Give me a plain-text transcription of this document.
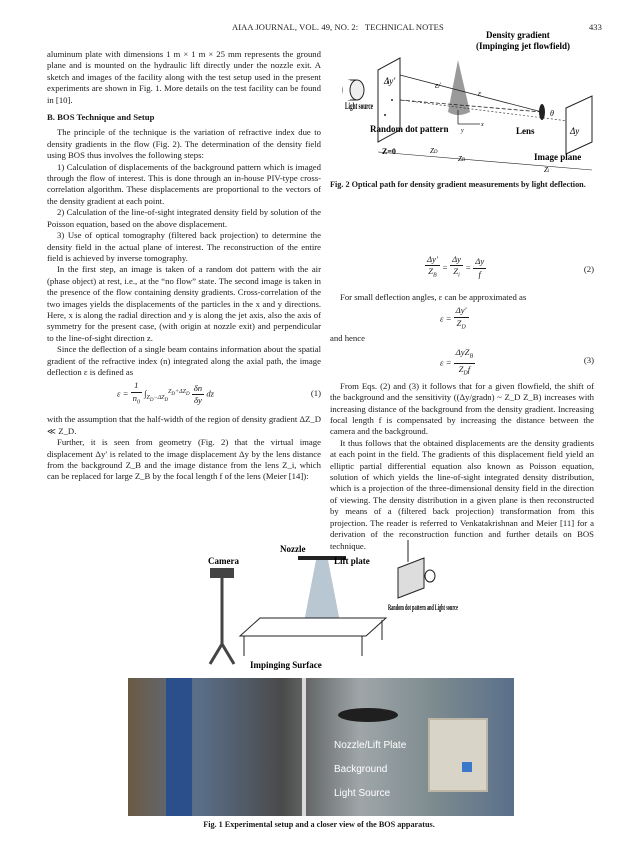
AIAA JOURNAL, VOL. 49, NO. 2: TECHNICAL NOTES	433

aluminum plate with dimensions 1 m × 1 m × 25 mm represents the ground plane and is mounted on the hydraulic lift directly under the nozzle exit. A sketch and images of the facility along with the test setup used in the present experiments are shown in Fig. 1. More details on the test facility can be found in [10].

B. BOS Technique and Setup

The principle of the technique is the variation of refractive index due to density gradients in the flow (Fig. 2). The determination of the density field using BOS thus involves the following steps:

1) Calculation of displacements of the background pattern which is imaged through the flow of interest. This is done through an in-house PIV-type cross-correlation algorithm. These displacements are proportional to the vectors of the density gradient at each point.

2) Calculation of the line-of-sight integrated density field by solution of the Poisson equation, based on the above displacement.

3) Use of optical tomography (filtered back projection) to determine the density field in the actual plane of interest. The reconstruction of the entire field is achieved by inverse tomography.

In the first step, an image is taken of a random dot pattern with the air (phase object) at rest, i.e., at the “no flow” state. The second image is taken in the presence of the flow containing density gradients. Cross-correlation of the two images yields the displacements of the particles in the x and y directions. Here, x is along the radial direction and y is along the jet axis, also the axis of symmetry for the present case, (with origin at nozzle exit) and perpendicular to the line-of-sight direction z.

Since the deflection of a single beam contains information about the spatial gradient of the refractive index (n) integrated along the axial path, the image deflection ε is defined as

$\varepsilon = \frac{1}{n_0} \int_{Z_D-\Delta Z_D}^{Z_D+\Delta Z_D} \frac{\delta n}{\delta y}$ dz	(1)

with the assumption that the half-width of the region of density gradient ΔZ_D ≪ Z_D.

Further, it is seen from geometry (Fig. 2) that the virtual image displacement Δy′ is related to the image displacement Δy by the lens distance from the background Z_B and the image distance from the lens Z_i, which can be replaced for large Z_B by the focal length f of the lens (Meier [14]):

Δy′	ε/
ε
θ
x
y	Δy
ZD
ZB
Zi
Density gradient
(Impinging jet flowfield)
Light source
Random dot pattern	Lens
Image plane
Z=0
Fig. 2 Optical path for density gradient measurements by light deflection.
$\frac{\Delta y'}{Z_B} = \frac{\Delta y}{Z_i} = \frac{\Delta y}{f}$	(2)

For small deflection angles, ε can be approximated as

$\varepsilon = \frac{\Delta y'}{Z_D}$

and hence

$\varepsilon = \frac{\Delta yZ_B}{Z_Df}$	(3)

From Eqs. (2) and (3) it follows that for a given flowfield, the shift of the background and the sensitivity ((Δy/gradn) ~ Z_D Z_B) increases with increasing distance of the background from the density gradient. Increasing focal length f is compensated by increasing the distance between the camera and the background.

It thus follows that the obtained displacements are the density gradients at each point in the field. The gradients of this displacement field yield an elliptic partial differential equation also known as Poisson equation, solution of which yields the line-of-sight integrated density distribution, which is a projection of the three-dimensional density field in the direction of viewing. The density distribution in a given plane is then reconstructed by means of a (filtered back projection) transformation from this projection. The reader is referred to Venkatakrishnan and Meier [11] for a derivation of the reconstruction function and further details on BOS technique.

Camera
Nozzle
Lift plate
Random dot pattern and Light source
Impinging Surface
Nozzle/Lift Plate
Background
Light Source
Fig. 1 Experimental setup and a closer view of the BOS apparatus.
